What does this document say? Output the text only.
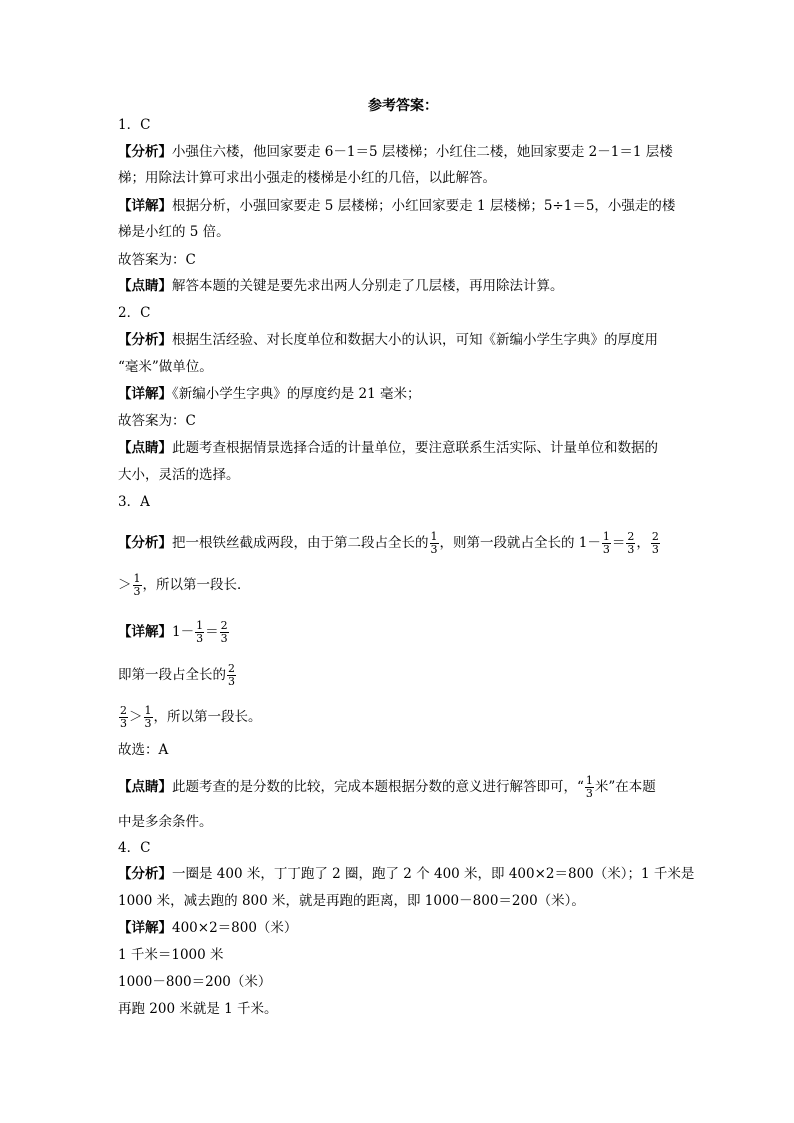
参考答案：
1．C
【分析】小强住六楼，他回家要走 6－1＝5 层楼梯；小红住二楼，她回家要走 2－1＝1 层楼
梯；用除法计算可求出小强走的楼梯是小红的几倍，以此解答。
【详解】根据分析，小强回家要走 5 层楼梯；小红回家要走 1 层楼梯；5÷1＝5，小强走的楼
梯是小红的 5 倍。
故答案为：C
【点睛】解答本题的关键是要先求出两人分别走了几层楼，再用除法计算。
2．C
【分析】根据生活经验、对长度单位和数据大小的认识，可知《新编小学生字典》的厚度用
“毫米”做单位。
【详解】《新编小学生字典》的厚度约是 21 毫米；
故答案为：C
【点睛】此题考查根据情景选择合适的计量单位，要注意联系生活实际、计量单位和数据的
大小，灵活的选择。
3．A
【分析】把一根铁丝截成两段，由于第二段占全长的 $\frac{1}{3}$ ，则第一段就占全长的 $1- \frac{1}{3} = \frac{2}{3}$ ， $\frac{2}{3}$
＞ $\frac{1}{3}$ ，所以第一段长．
【详解】$1- \frac{1}{3} = \frac{2}{3}$
即第一段占全长的 $\frac{2}{3}$
$\frac{2}{3} > \frac{1}{3}$ ，所以第一段长。
故选：A
【点睛】此题考查的是分数的比较，完成本题根据分数的意义进行解答即可，“ $\frac{1}{3}$ 米”在本题
中是多余条件。
4．C
【分析】一圈是 400 米，丁丁跑了 2 圈，跑了 2 个 400 米，即 400×2＝800（米）；1 千米是
1000 米，减去跑的 800 米，就是再跑的距离，即 1000－800＝200（米）。
【详解】400×2＝800（米）
1 千米＝1000 米
1000－800＝200（米）
再跑 200 米就是 1 千米。
